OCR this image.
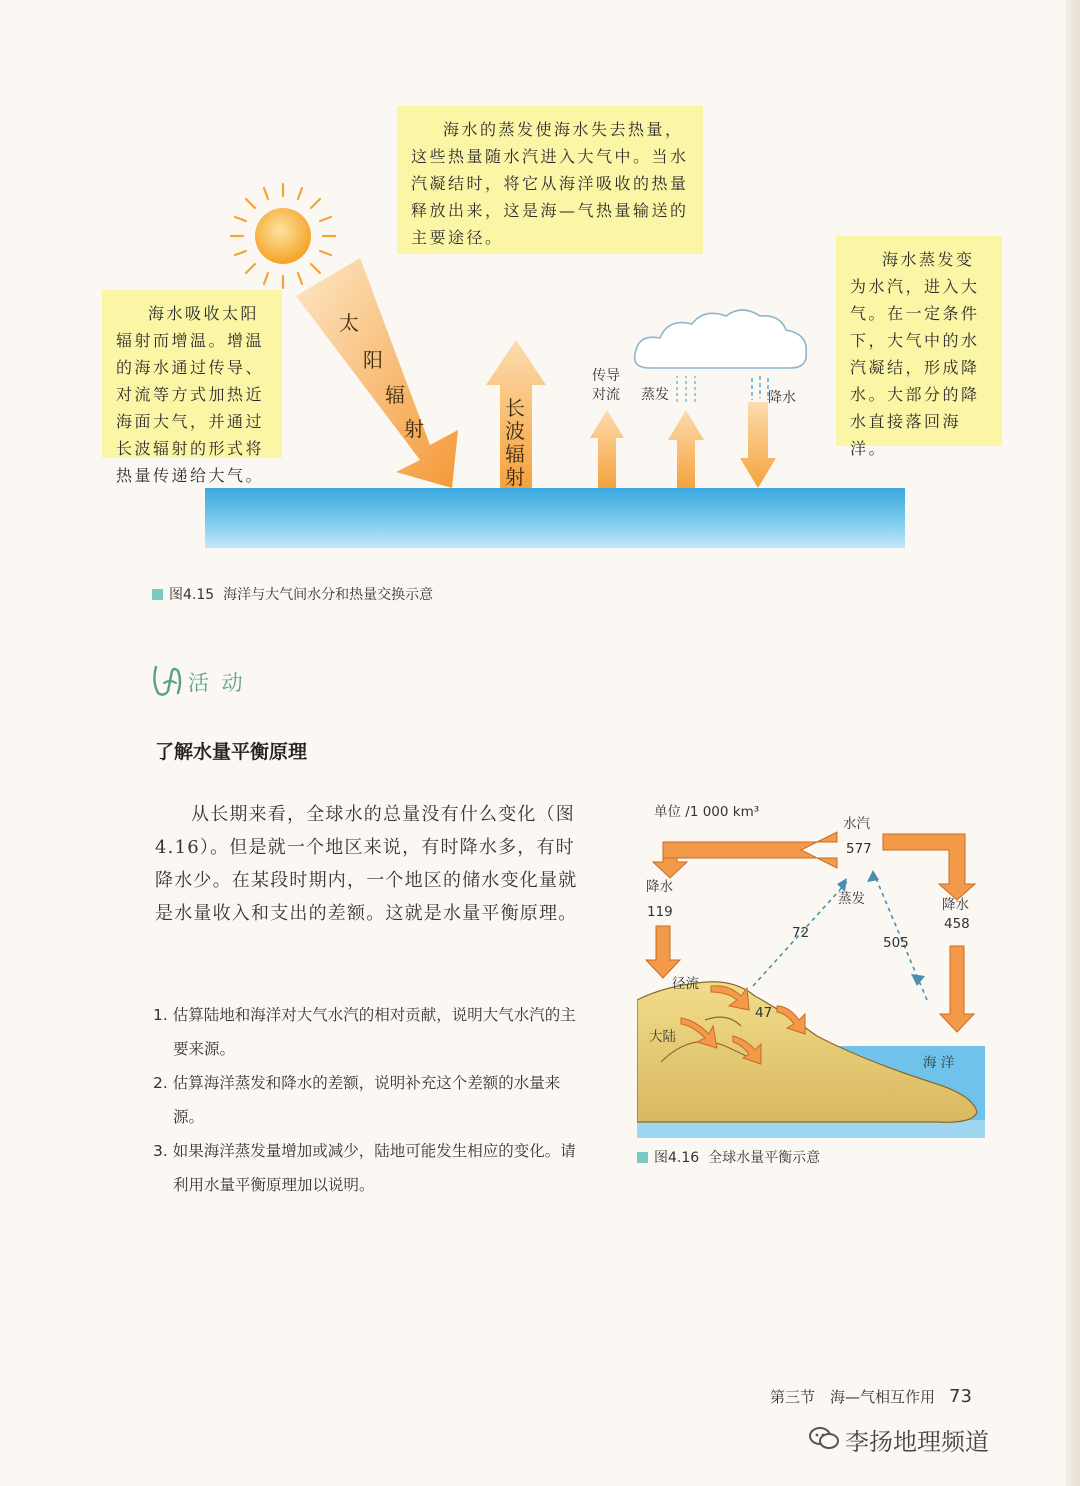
海水的蒸发使海水失去热量，这些热量随水汽进入大气中。当水汽凝结时，将它从海洋吸收的热量释放出来，这是海—气热量输送的主要途径。

海水吸收太阳辐射而增温。增温的海水通过传导、对流等方式加热近海面大气，并通过长波辐射的形式将热量传递给大气。

海水蒸发变为水汽，进入大气。在一定条件下，大气中的水汽凝结，形成降水。大部分的降水直接落回海洋。

太
阳
辐
射
长
波
辐
射
传导
对流 蒸发	降水
图4.15 海洋与大气间水分和热量交换示意
活 动
了解水量平衡原理

从长期来看，全球水的总量没有什么变化（图4.16）。但是就一个地区来说，有时降水多，有时降水少。在某段时期内，一个地区的储水变化量就是水量收入和支出的差额。这就是水量平衡原理。

1. 估算陆地和海洋对大气水汽的相对贡献，说明大气水汽的主要来源。
2. 估算海洋蒸发和降水的差额，说明补充这个差额的水量来源。
3. 如果海洋蒸发量增加或减少，陆地可能发生相应的变化。请利用水量平衡原理加以说明。
单位 /1 000 km³
水汽
577
降水
119	降水
458
蒸发
72
505
径流
47
大陆
海 洋
图4.16 全球水量平衡示意
第三节　海—气相互作用 73
李扬地理频道
